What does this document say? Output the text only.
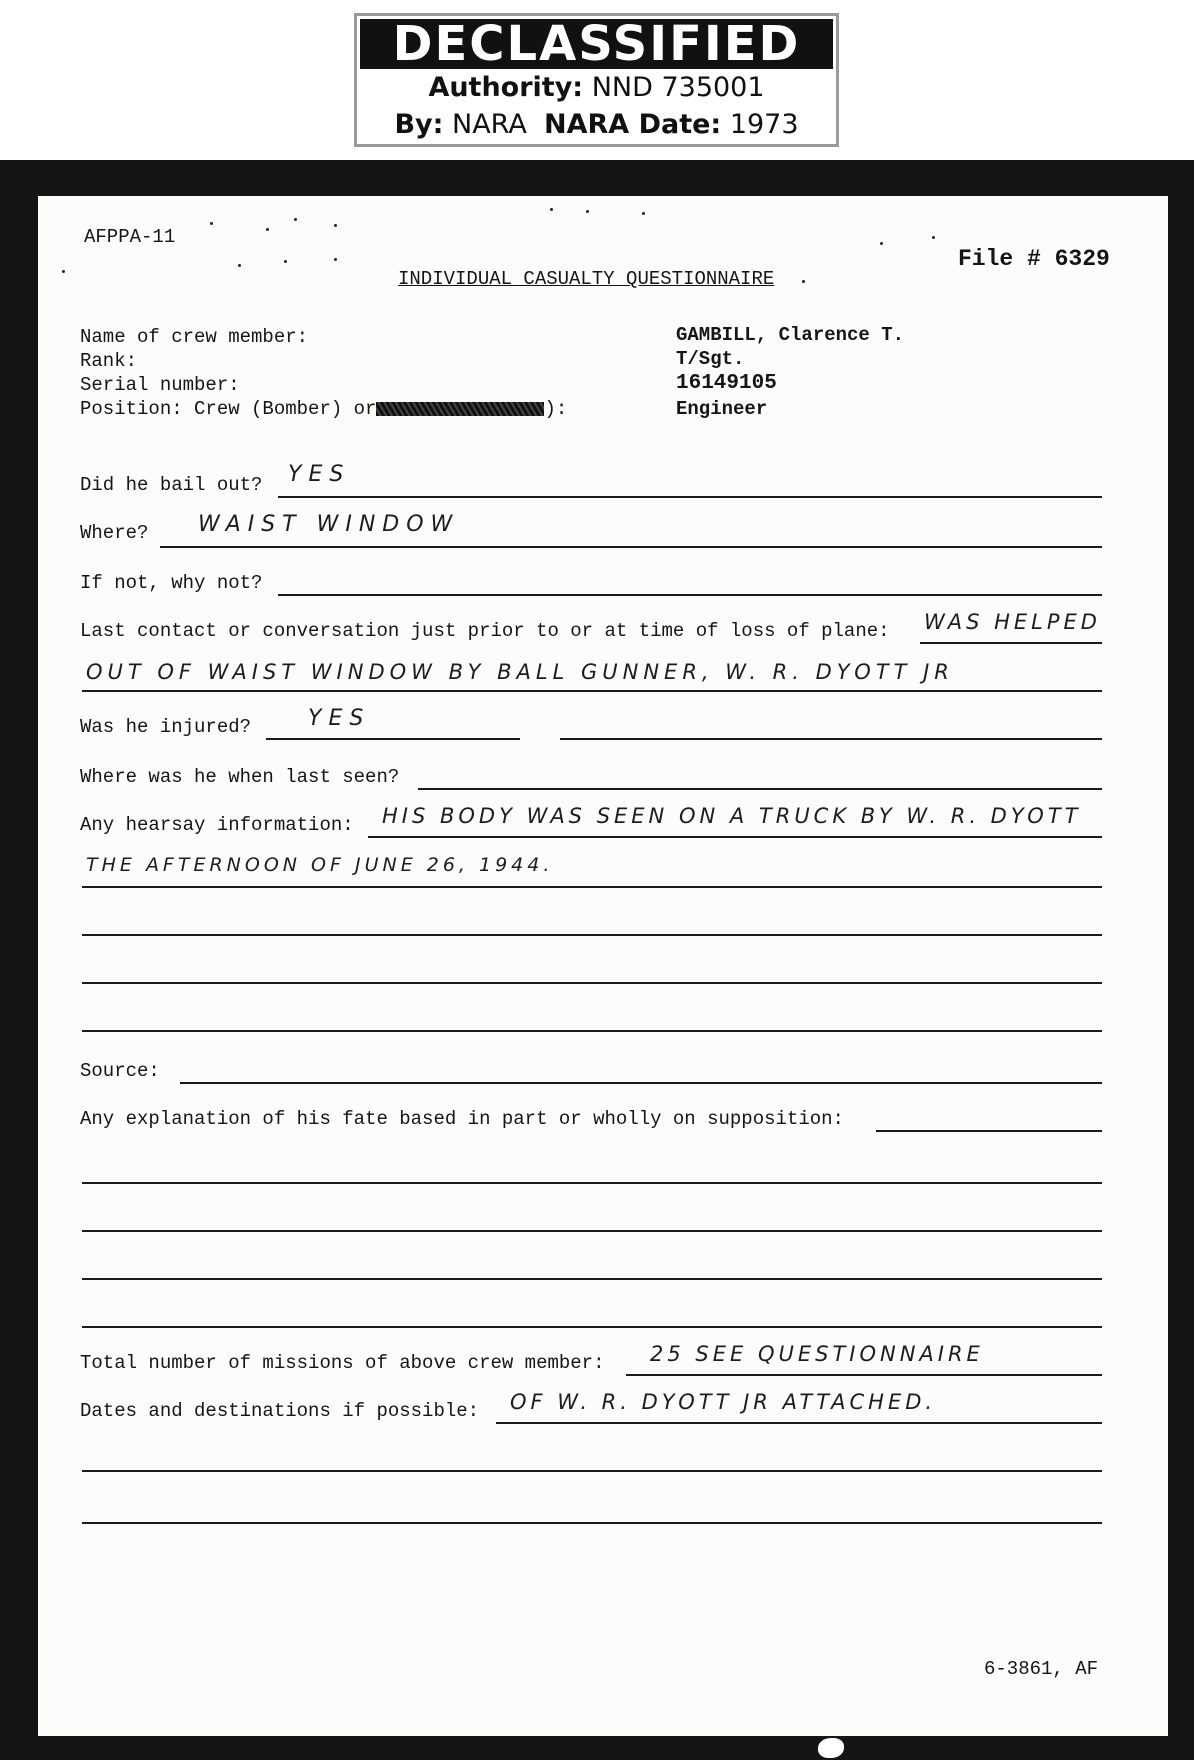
DECLASSIFIED
Authority: NND 735001
By: NARA NARA Date: 1973
AFPPA-11
File # 6329
INDIVIDUAL CASUALTY QUESTIONNAIRE
Name of crew member:	GAMBILL, Clarence T.
Rank:	T/Sgt.
Serial number:	16149105
Position: Crew (Bomber) or	):	Engineer
Did he bail out? YES
Where? WAIST WINDOW
If not, why not?
Last contact or conversation just prior to or at time of loss of plane: WAS HELPED
OUT OF WAIST WINDOW BY BALL GUNNER, W. R. DYOTT JR
Was he injured?	YES
Where was he when last seen?
Any hearsay information: HIS BODY WAS SEEN ON A TRUCK BY W. R. DYOTT
THE AFTERNOON OF JUNE 26, 1944.
Source:
Any explanation of his fate based in part or wholly on supposition:
Total number of missions of above crew member: 25 SEE QUESTIONNAIRE
Dates and destinations if possible: OF W. R. DYOTT JR ATTACHED.
6-3861, AF
